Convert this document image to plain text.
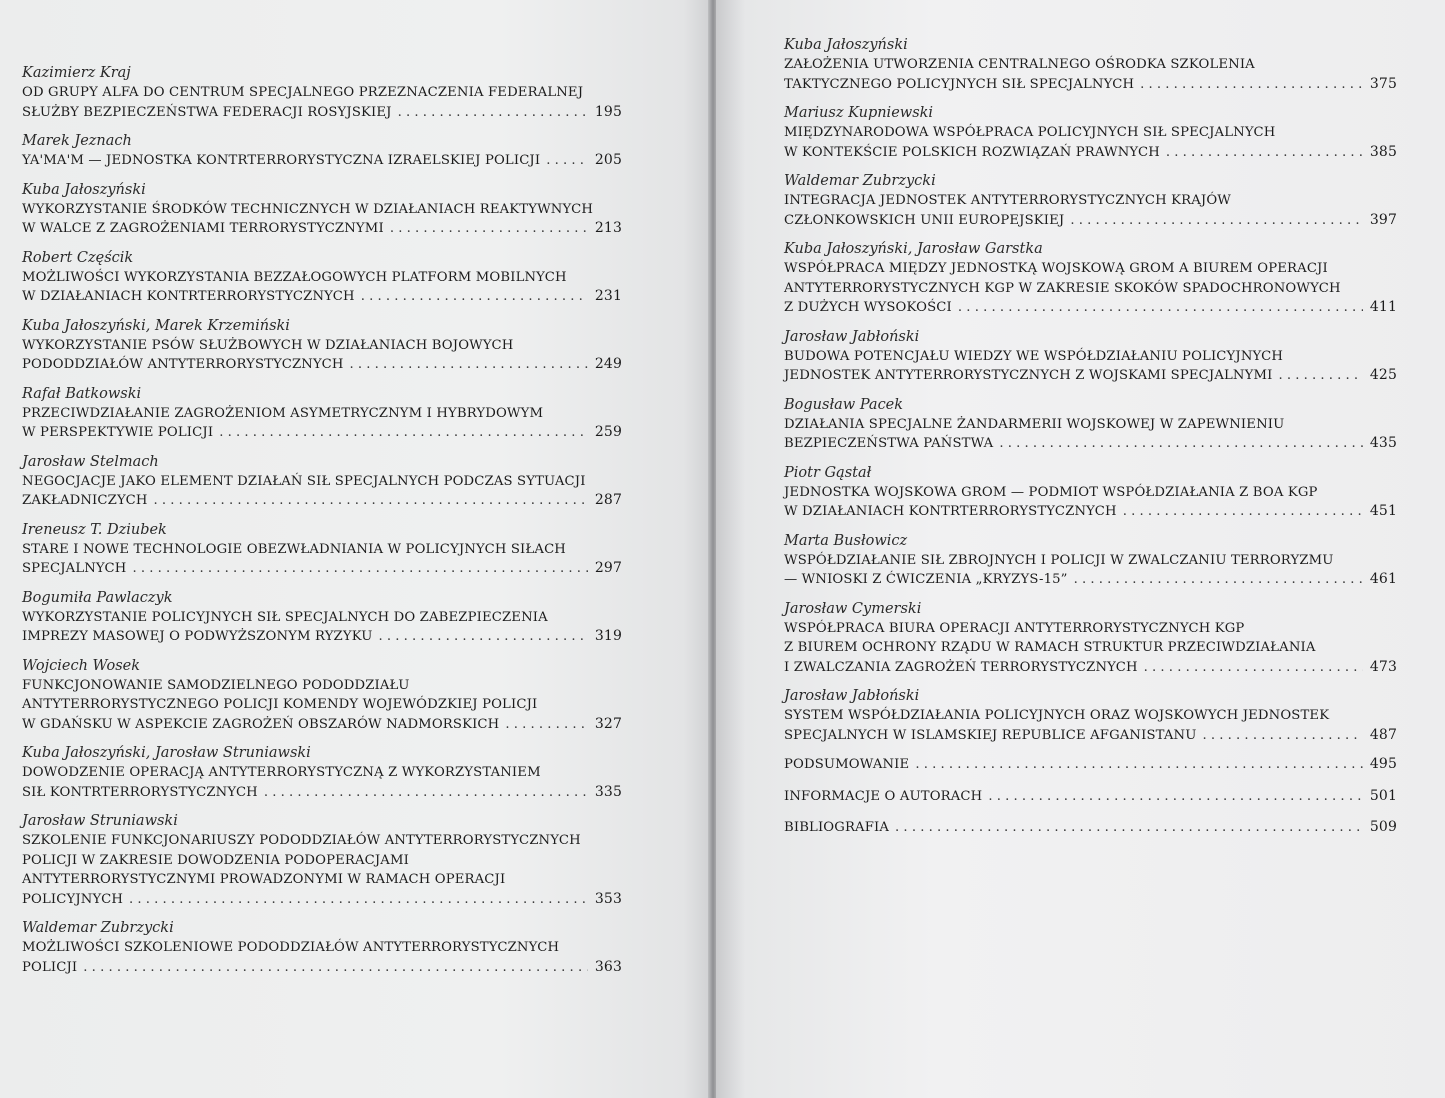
Kazimierz Kraj
OD GRUPY ALFA DO CENTRUM SPECJALNEGO PRZEZNACZENIA FEDERALNEJ
SŁUŻBY BEZPIECZEŃSTWA FEDERACJI ROSYJSKIEJ . . .	195
Marek Jeznach
YA'MA'M — JEDNOSTKA KONTRTERRORYSTYCZNA IZRAELSKIEJ POLICJI . . .	205
Kuba Jałoszyński
WYKORZYSTANIE ŚRODKÓW TECHNICZNYCH W DZIAŁANIACH REAKTYWNYCH
W WALCE Z ZAGROŻENIAMI TERRORYSTYCZNYMI . . .	213
Robert Częścik
MOŻLIWOŚCI WYKORZYSTANIA BEZZAŁOGOWYCH PLATFORM MOBILNYCH
W DZIAŁANIACH KONTRTERRORYSTYCZNYCH . . .	231
Kuba Jałoszyński, Marek Krzemiński
WYKORZYSTANIE PSÓW SŁUŻBOWYCH W DZIAŁANIACH BOJOWYCH
PODODDZIAŁÓW ANTYTERRORYSTYCZNYCH . . .	249
Rafał Batkowski
PRZECIWDZIAŁANIE ZAGROŻENIOM ASYMETRYCZNYM I HYBRYDOWYM
W PERSPEKTYWIE POLICJI . . .	259
Jarosław Stelmach
NEGOCJACJE JAKO ELEMENT DZIAŁAŃ SIŁ SPECJALNYCH PODCZAS SYTUACJI
ZAKŁADNICZYCH . . .	287
Ireneusz T. Dziubek
STARE I NOWE TECHNOLOGIE OBEZWŁADNIANIA W POLICYJNYCH SIŁACH
SPECJALNYCH . . .	297
Bogumiła Pawlaczyk
WYKORZYSTANIE POLICYJNYCH SIŁ SPECJALNYCH DO ZABEZPIECZENIA
IMPREZY MASOWEJ O PODWYŻSZONYM RYZYKU . . .	319
Wojciech Wosek
FUNKCJONOWANIE SAMODZIELNEGO PODODDZIAŁU
ANTYTERRORYSTYCZNEGO POLICJI KOMENDY WOJEWÓDZKIEJ POLICJI
W GDAŃSKU W ASPEKCIE ZAGROŻEŃ OBSZARÓW NADMORSKICH . . .	327
Kuba Jałoszyński, Jarosław Struniawski
DOWODZENIE OPERACJĄ ANTYTERRORYSTYCZNĄ Z WYKORZYSTANIEM
SIŁ KONTRTERRORYSTYCZNYCH . . .	335
Jarosław Struniawski
SZKOLENIE FUNKCJONARIUSZY PODODDZIAŁÓW ANTYTERRORYSTYCZNYCH
POLICJI W ZAKRESIE DOWODZENIA PODOPERACJAMI
ANTYTERRORYSTYCZNYMI PROWADZONYMI W RAMACH OPERACJI
POLICYJNYCH . . .	353
Waldemar Zubrzycki
MOŻLIWOŚCI SZKOLENIOWE PODODDZIAŁÓW ANTYTERRORYSTYCZNYCH
POLICJI . . .	363
Kuba Jałoszyński
ZAŁOŻENIA UTWORZENIA CENTRALNEGO OŚRODKA SZKOLENIA
TAKTYCZNEGO POLICYJNYCH SIŁ SPECJALNYCH . . .	375
Mariusz Kupniewski
MIĘDZYNARODOWA WSPÓŁPRACA POLICYJNYCH SIŁ SPECJALNYCH
W KONTEKŚCIE POLSKICH ROZWIĄZAŃ PRAWNYCH . . .	385
Waldemar Zubrzycki
INTEGRACJA JEDNOSTEK ANTYTERRORYSTYCZNYCH KRAJÓW
CZŁONKOWSKICH UNII EUROPEJSKIEJ . . .	397
Kuba Jałoszyński, Jarosław Garstka
WSPÓŁPRACA MIĘDZY JEDNOSTKĄ WOJSKOWĄ GROM A BIUREM OPERACJI
ANTYTERRORYSTYCZNYCH KGP W ZAKRESIE SKOKÓW SPADOCHRONOWYCH
Z DUŻYCH WYSOKOŚCI . . .	411
Jarosław Jabłoński
BUDOWA POTENCJAŁU WIEDZY WE WSPÓŁDZIAŁANIU POLICYJNYCH
JEDNOSTEK ANTYTERRORYSTYCZNYCH Z WOJSKAMI SPECJALNYMI . . .	425
Bogusław Pacek
DZIAŁANIA SPECJALNE ŻANDARMERII WOJSKOWEJ W ZAPEWNIENIU
BEZPIECZEŃSTWA PAŃSTWA . . .	435
Piotr Gąstał
JEDNOSTKA WOJSKOWA GROM — PODMIOT WSPÓŁDZIAŁANIA Z BOA KGP
W DZIAŁANIACH KONTRTERRORYSTYCZNYCH . . .	451
Marta Busłowicz
WSPÓŁDZIAŁANIE SIŁ ZBROJNYCH I POLICJI W ZWALCZANIU TERRORYZMU
— WNIOSKI Z ĆWICZENIA „KRYZYS-15” . . .	461
Jarosław Cymerski
WSPÓŁPRACA BIURA OPERACJI ANTYTERRORYSTYCZNYCH KGP
Z BIUREM OCHRONY RZĄDU W RAMACH STRUKTUR PRZECIWDZIAŁANIA
I ZWALCZANIA ZAGROŻEŃ TERRORYSTYCZNYCH . . .	473
Jarosław Jabłoński
SYSTEM WSPÓŁDZIAŁANIA POLICYJNYCH ORAZ WOJSKOWYCH JEDNOSTEK
SPECJALNYCH W ISLAMSKIEJ REPUBLICE AFGANISTANU . . .	487
PODSUMOWANIE . . .	495
INFORMACJE O AUTORACH . . .	501
BIBLIOGRAFIA . . .	509
